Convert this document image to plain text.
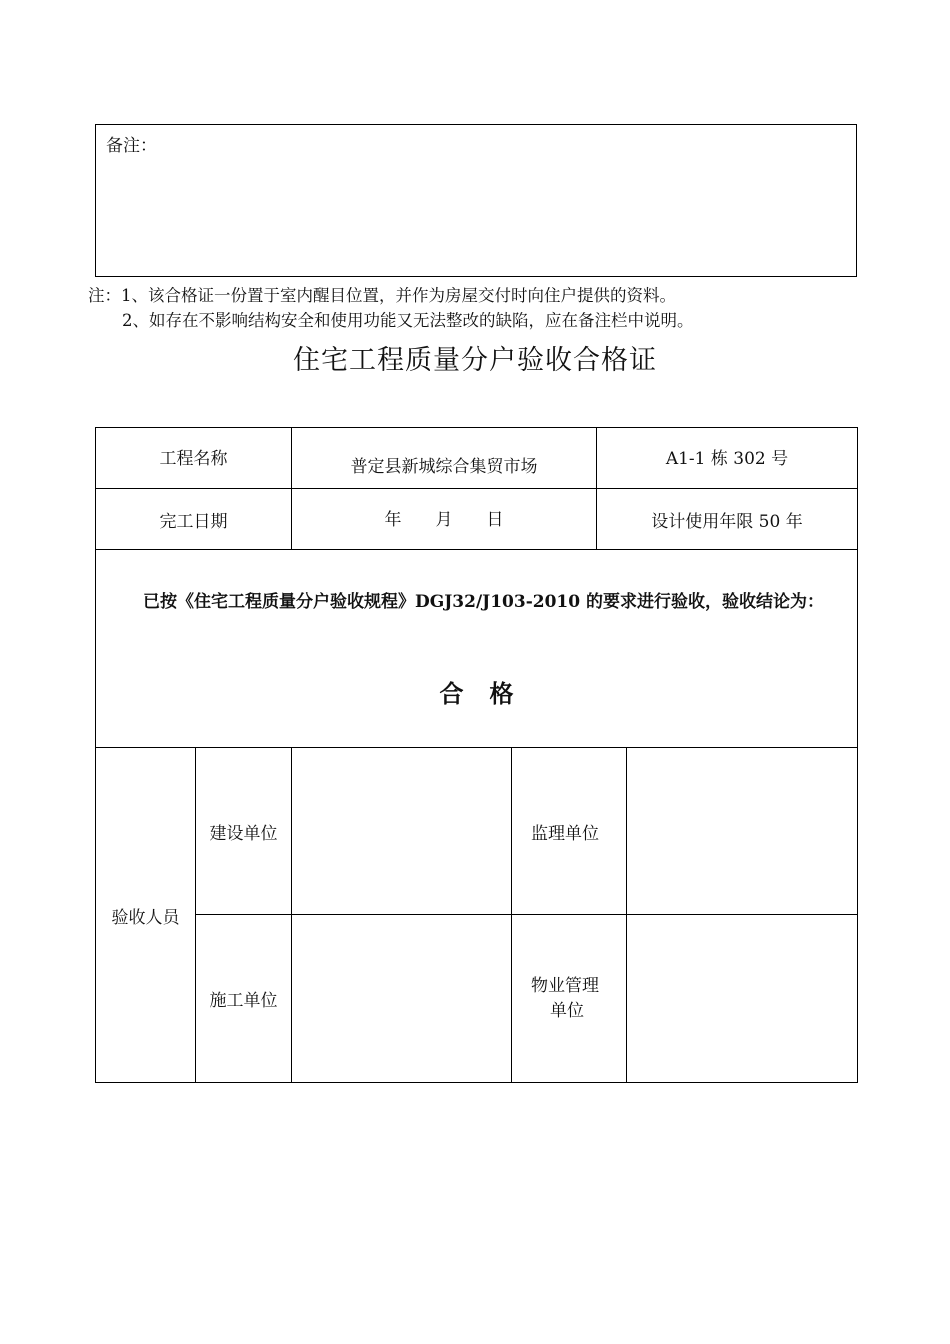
备注：
注：1、该合格证一份置于室内醒目位置，并作为房屋交付时向住户提供的资料。
2、如存在不影响结构安全和使用功能又无法整改的缺陷，应在备注栏中说明。
住宅工程质量分户验收合格证
工程名称		普定县新城综合集贸市场		A1-1 栋 302 号	
完工日期		年　　月　　日		设计使用年限 50 年	

已按《住宅工程质量分户验收规程》DGJ32/J103-2010 的要求进行验收，验收结论为：
合格					

验收人员	建设单位		监理单位		
	施工单位		物业管理
单位		
